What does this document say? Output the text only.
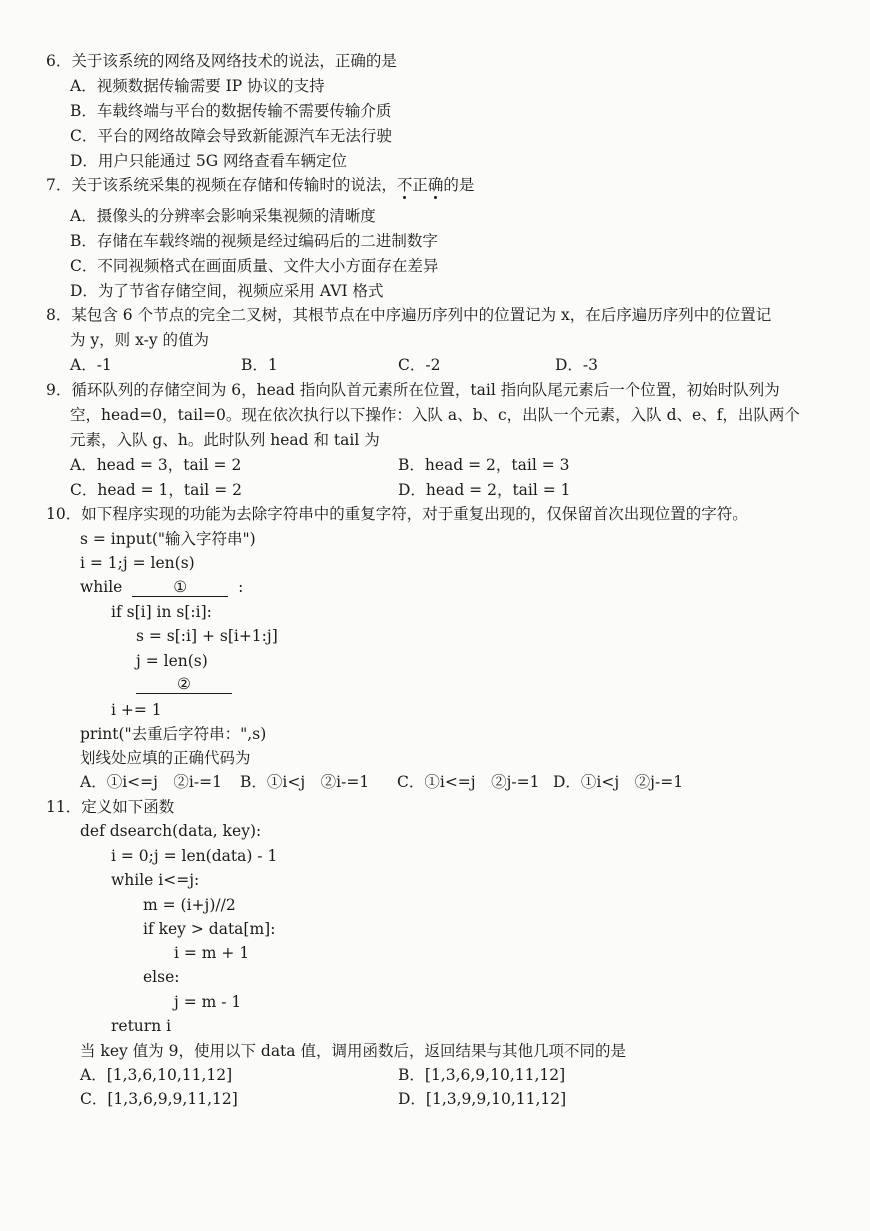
6．关于该系统的网络及网络技术的说法，正确的是
A．视频数据传输需要 IP 协议的支持
B．车载终端与平台的数据传输不需要传输介质
C．平台的网络故障会导致新能源汽车无法行驶
D．用户只能通过 5G 网络查看车辆定位
7．关于该系统采集的视频在存储和传输时的说法，不正确的是
A．摄像头的分辨率会影响采集视频的清晰度
B．存储在车载终端的视频是经过编码后的二进制数字
C．不同视频格式在画面质量、文件大小方面存在差异
D．为了节省存储空间，视频应采用 AVI 格式
8．某包含 6 个节点的完全二叉树，其根节点在中序遍历序列中的位置记为 x，在后序遍历序列中的位置记
为 y，则 x-y 的值为
A．-1	B．1	C．-2	D．-3
9．循环队列的存储空间为 6，head 指向队首元素所在位置，tail 指向队尾元素后一个位置，初始时队列为
空，head=0，tail=0。现在依次执行以下操作：入队 a、b、c，出队一个元素，入队 d、e、f，出队两个
元素，入队 g、h。此时队列 head 和 tail 为
A．head = 3，tail = 2	B．head = 2，tail = 3
C．head = 1，tail = 2	D．head = 2，tail = 1
10．如下程序实现的功能为去除字符串中的重复字符，对于重复出现的，仅保留首次出现位置的字符。
s = input("输入字符串")
i = 1;j = len(s)
while	①	:
if s[i] in s[:i]:
s = s[:i] + s[i+1:j]
j = len(s)
②
i += 1
print("去重后字符串：",s)
划线处应填的正确代码为
A．①i<=j　②i-=1 B．①i<j　②i-=1 C．①i<=j　②j-=1 D．①i<j　②j-=1
11．定义如下函数
def dsearch(data, key):
i = 0;j = len(data) - 1
while i<=j:
m = (i+j)//2
if key > data[m]:
i = m + 1
else:
j = m - 1
return i
当 key 值为 9，使用以下 data 值，调用函数后，返回结果与其他几项不同的是
A．[1,3,6,10,11,12]	B．[1,3,6,9,10,11,12]
C．[1,3,6,9,9,11,12]	D．[1,3,9,9,10,11,12]
